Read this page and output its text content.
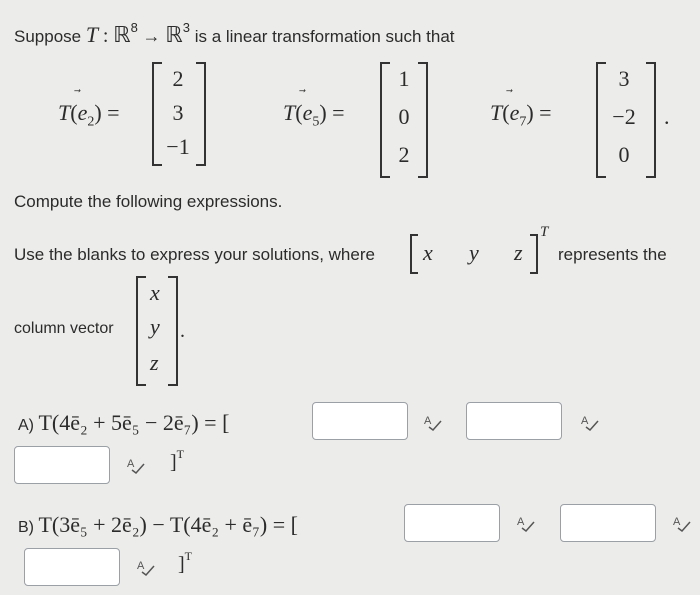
Suppose T : ℝ$^8$ → ℝ$^3$ is a linear transformation such that
T(e
$_2$) =
2
3
−1
T(e
$_5$) =
1
0
2
T(e
$_7$) =
3
−2
0
.
Compute the following expressions.
Use the blanks to express your solutions, where x y z
T
represents the
column vector
x
y
z
.
A) T(4ē₂ + 5ē₅ − 2ē₇) = [	A	A
A ]$^T$
B) T(3ē₅ + 2ē₂) − T(4ē₂ + ē₇) = [	A	A
A ]$^T$
